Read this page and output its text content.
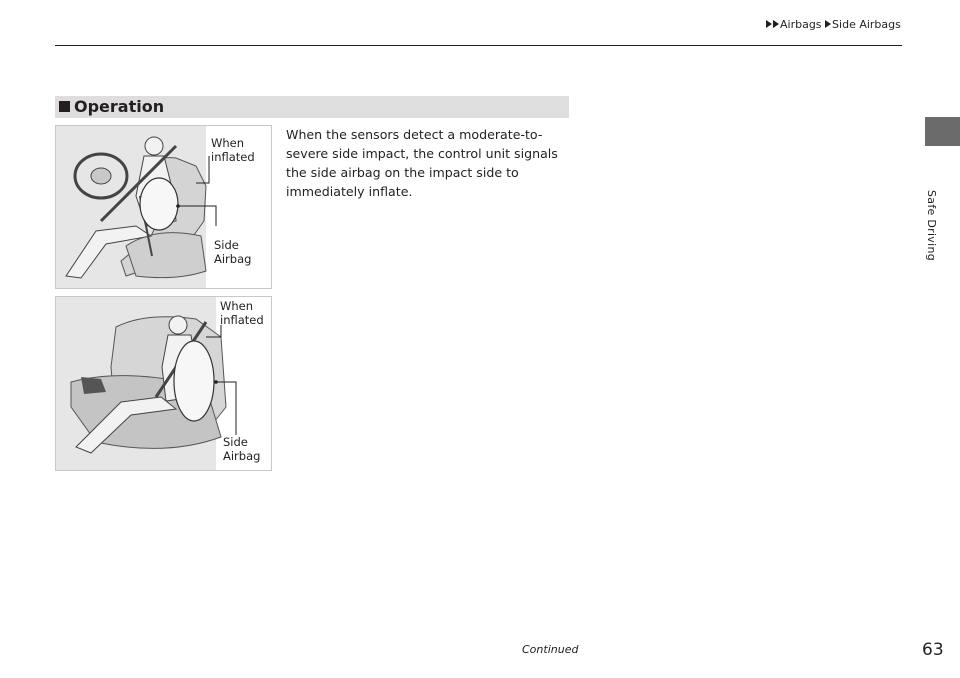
Airbags Side Airbags
Safe Driving
Operation
When the sensors detect a moderate-to-severe side impact, the control unit signals the side airbag on the impact side to immediately inflate.
When
inflated
Side
Airbag
When
inflated
Side
Airbag
Continued	63
